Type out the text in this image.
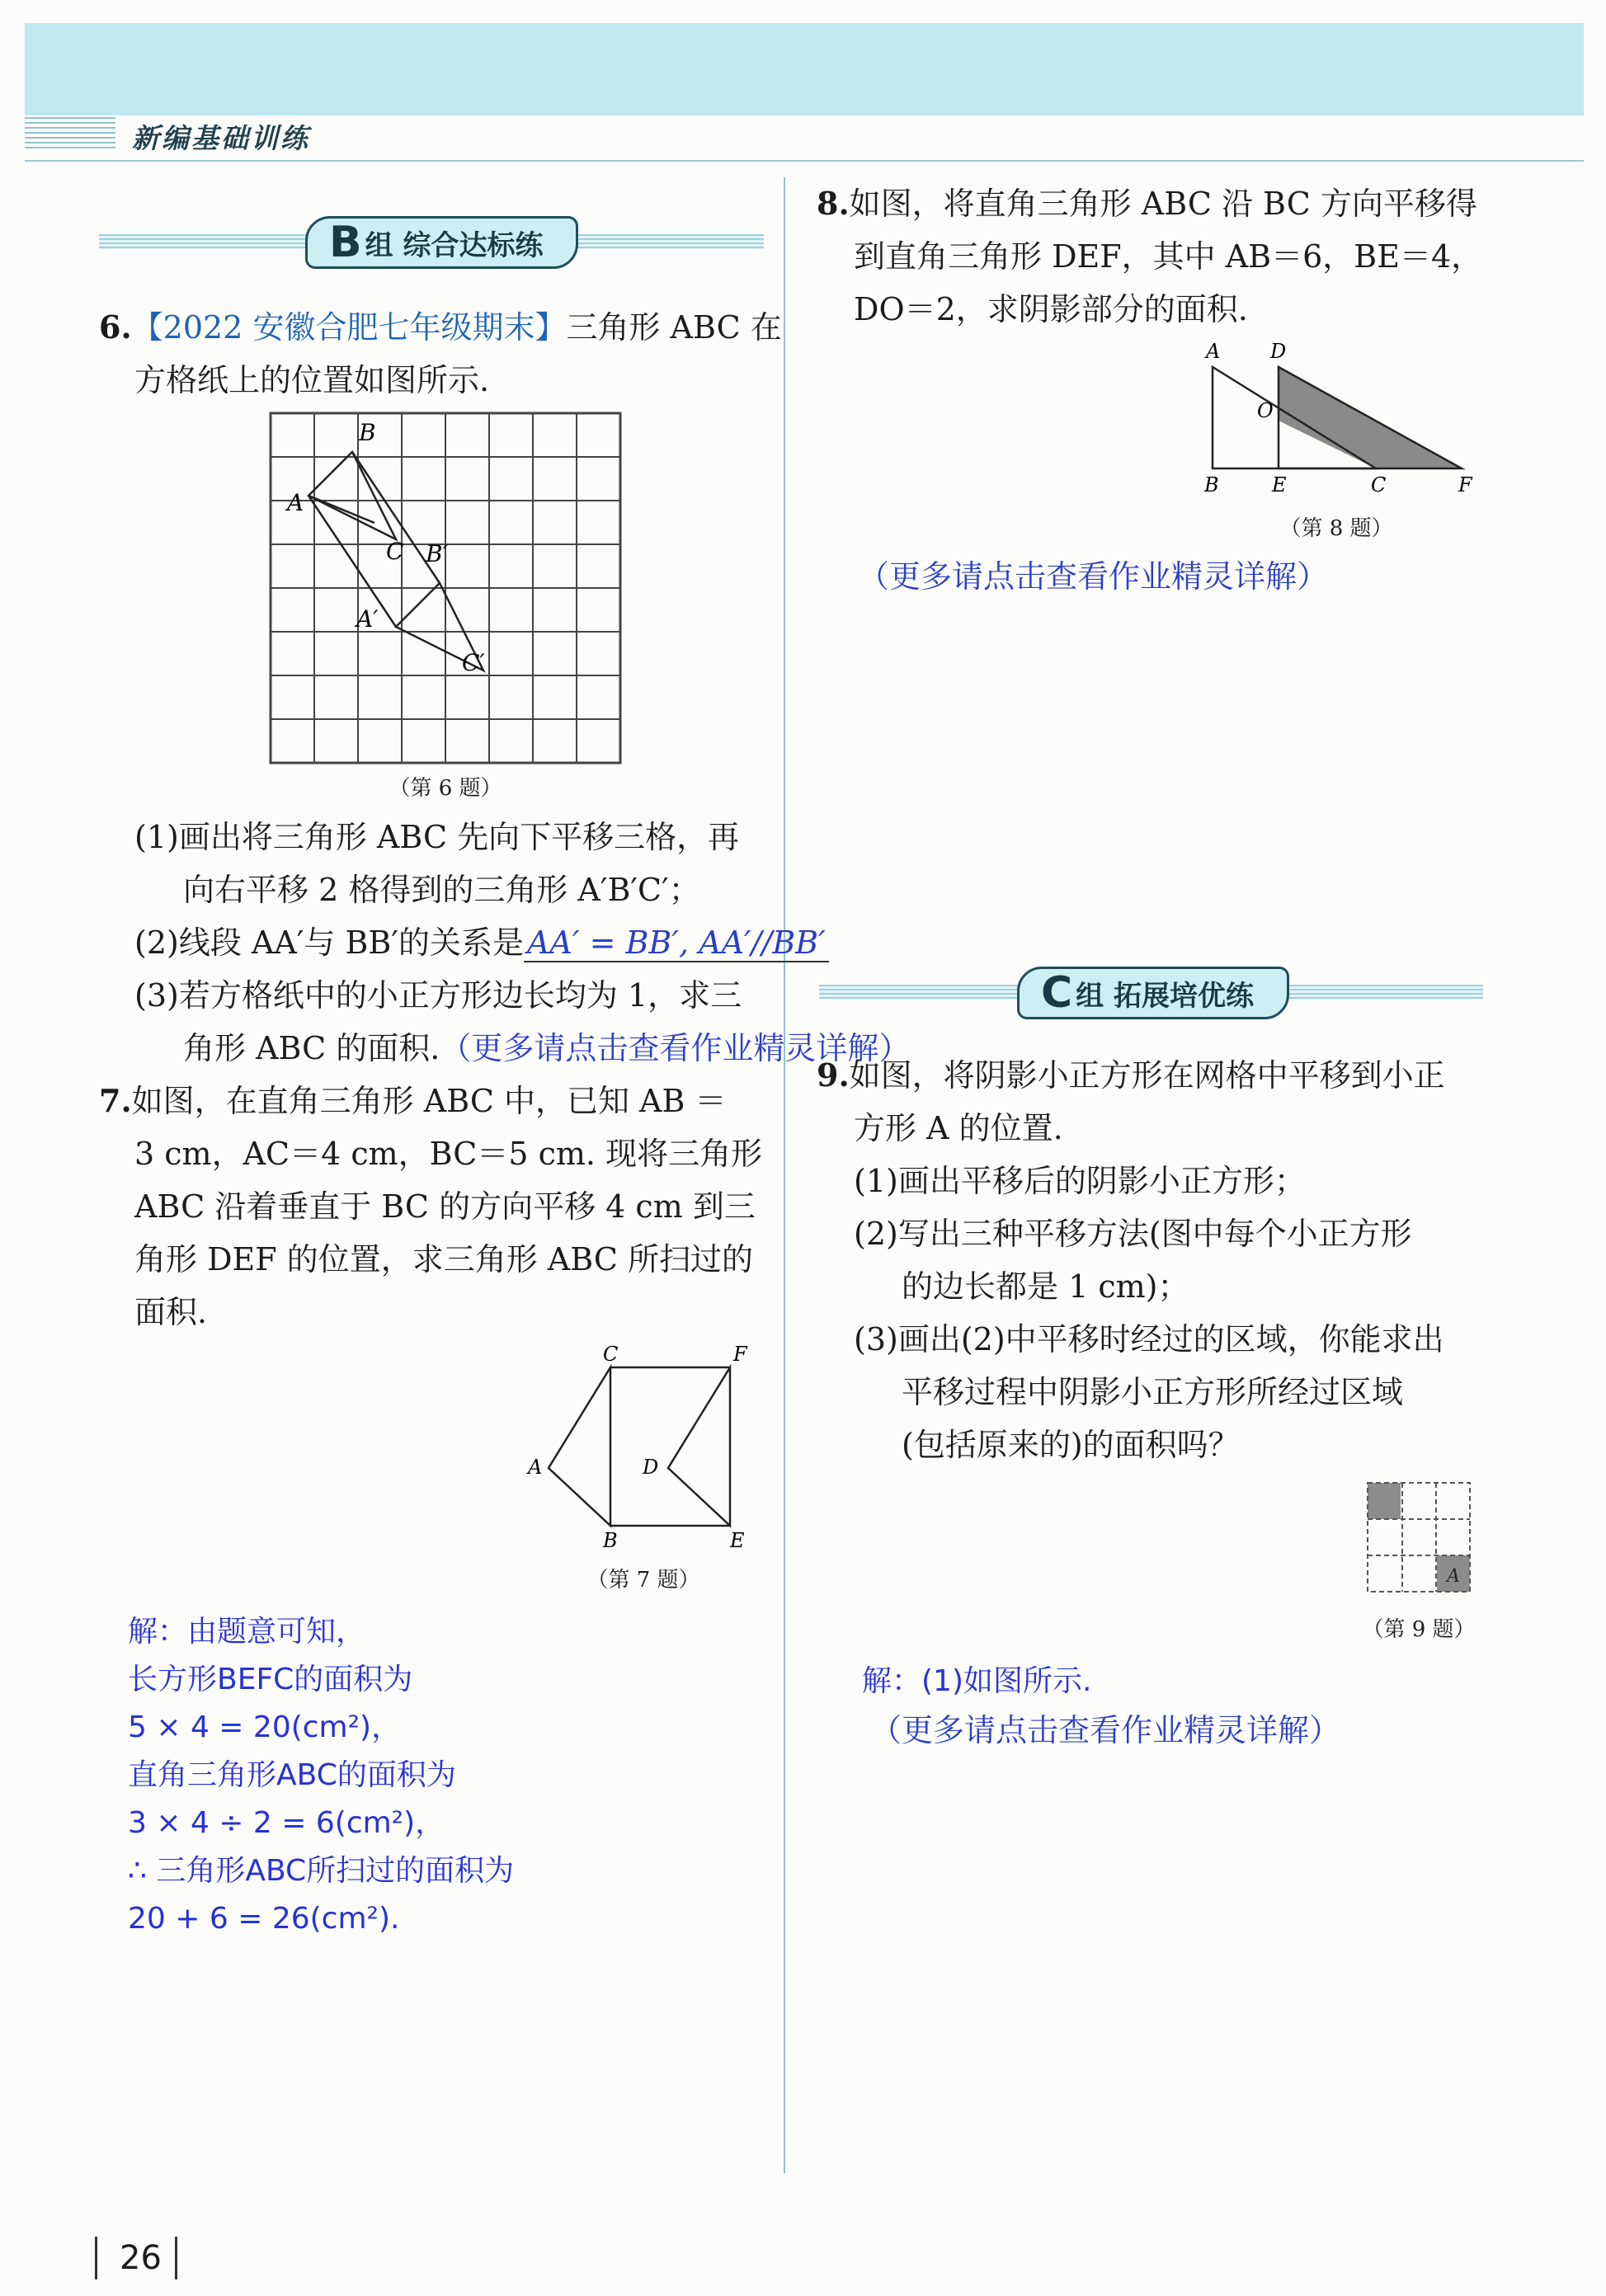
新编基础训练
B 组 综合达标练
6.【2022 安徽合肥七年级期末】三角形 ABC 在
方格纸上的位置如图所示.
B
A
C B′
A′
C′
（第 6 题）
(1)画出将三角形 ABC 先向下平移三格，再
向右平移 2 格得到的三角形 A′B′C′；
(2)线段 AA′与 BB′的关系是 AA′ = BB′, AA′//BB′
(3)若方格纸中的小正方形边长均为 1，求三
角形 ABC 的面积.（更多请点击查看作业精灵详解）
7.如图，在直角三角形 ABC 中，已知 AB ＝
3 cm，AC＝4 cm，BC＝5 cm. 现将三角形
ABC 沿着垂直于 BC 的方向平移 4 cm 到三
角形 DEF 的位置，求三角形 ABC 所扫过的
面积.
C	F
A	D
B	E
（第 7 题）
解：由题意可知，
长方形BEFC的面积为
5 × 4 = 20(cm²)，
直角三角形ABC的面积为
3 × 4 ÷ 2 = 6(cm²)，
∴ 三角形ABC所扫过的面积为
20 + 6 = 26(cm²).
8.如图，将直角三角形 ABC 沿 BC 方向平移得
到直角三角形 DEF，其中 AB＝6，BE＝4，
DO＝2，求阴影部分的面积.
A	D
O
B	E	C	F
（第 8 题）
（更多请点击查看作业精灵详解）
C 组 拓展培优练
9.如图，将阴影小正方形在网格中平移到小正
方形 A 的位置.
(1)画出平移后的阴影小正方形；
(2)写出三种平移方法(图中每个小正方形
的边长都是 1 cm)；
(3)画出(2)中平移时经过的区域，你能求出
平移过程中阴影小正方形所经过区域
(包括原来的)的面积吗？
A
（第 9 题）
解：(1)如图所示.
（更多请点击查看作业精灵详解）
26
